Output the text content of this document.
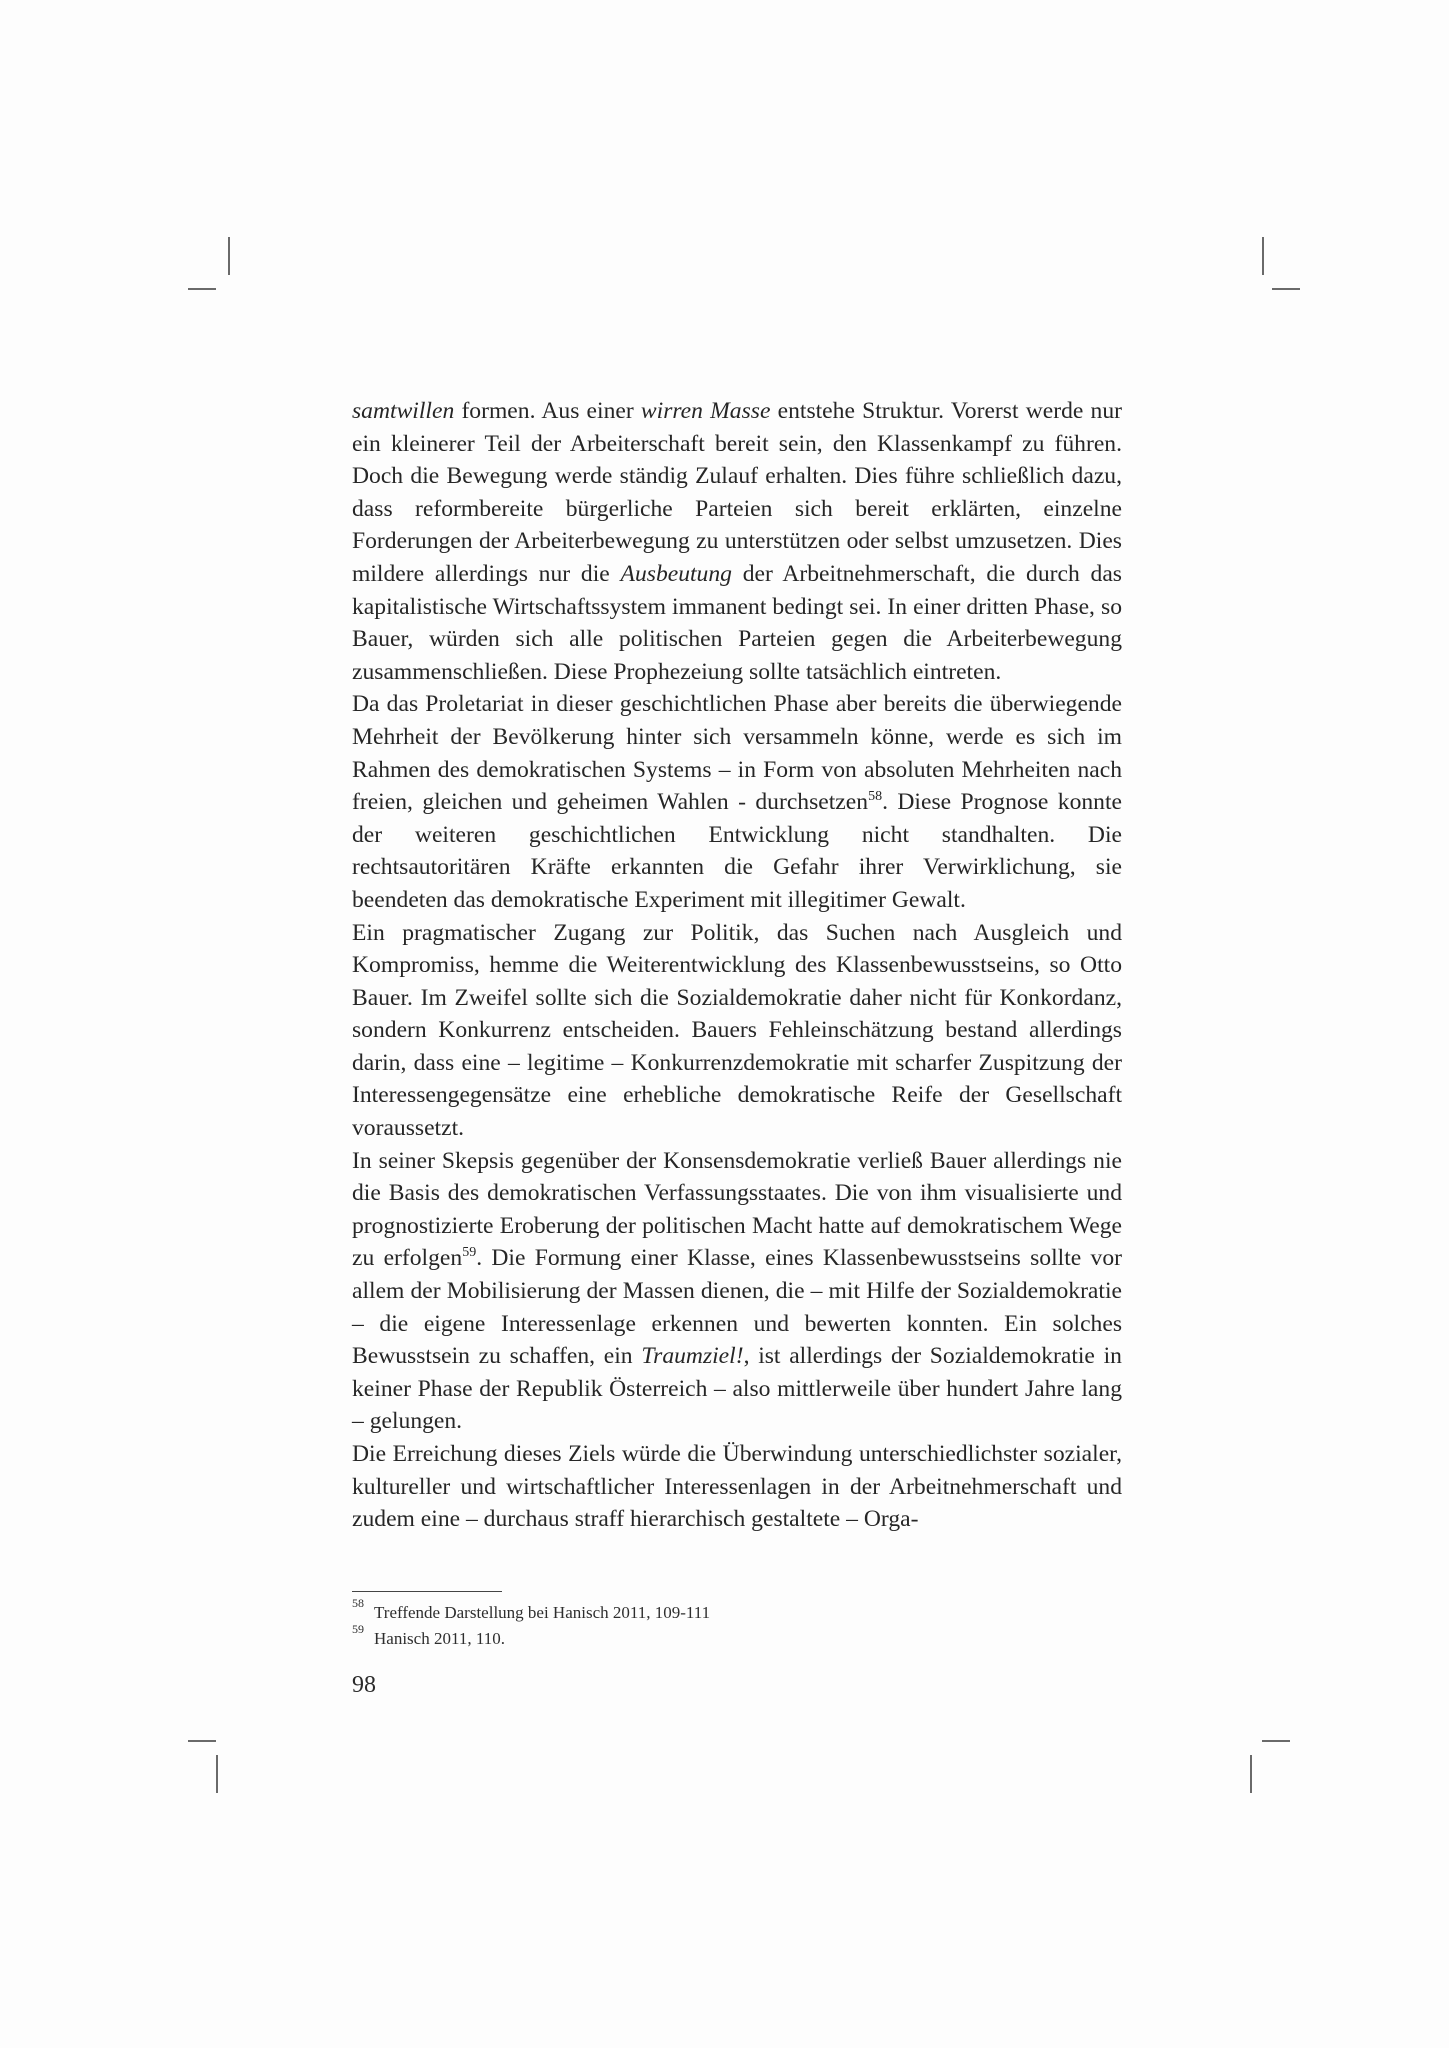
samtwillen formen. Aus einer wirren Masse entstehe Struktur. Vorerst werde nur ein kleinerer Teil der Arbeiterschaft bereit sein, den Klassenkampf zu führen. Doch die Bewegung werde ständig Zulauf erhalten. Dies führe schließlich dazu, dass reformbereite bürgerliche Parteien sich bereit erklärten, einzelne Forderungen der Arbeiterbewegung zu unterstützen oder selbst umzusetzen. Dies mildere allerdings nur die Ausbeutung der Arbeitnehmerschaft, die durch das kapitalistische Wirtschaftssystem immanent bedingt sei. In einer dritten Phase, so Bauer, würden sich alle politischen Parteien gegen die Arbeiterbewegung zusammenschließen. Diese Prophezeiung sollte tatsächlich eintreten.

Da das Proletariat in dieser geschichtlichen Phase aber bereits die überwiegende Mehrheit der Bevölkerung hinter sich versammeln könne, werde es sich im Rahmen des demokratischen Systems – in Form von absoluten Mehrheiten nach freien, gleichen und geheimen Wahlen - durchsetzen$^{58}$. Diese Prognose konnte der weiteren geschichtlichen Entwicklung nicht standhalten. Die rechtsautoritären Kräfte erkannten die Gefahr ihrer Verwirklichung, sie beendeten das demokratische Experiment mit illegitimer Gewalt.

Ein pragmatischer Zugang zur Politik, das Suchen nach Ausgleich und Kompromiss, hemme die Weiterentwicklung des Klassenbewusstseins, so Otto Bauer. Im Zweifel sollte sich die Sozialdemokratie daher nicht für Konkordanz, sondern Konkurrenz entscheiden. Bauers Fehleinschätzung bestand allerdings darin, dass eine – legitime – Konkurrenzdemokratie mit scharfer Zuspitzung der Interessengegensätze eine erhebliche demokratische Reife der Gesellschaft voraussetzt.

In seiner Skepsis gegenüber der Konsensdemokratie verließ Bauer allerdings nie die Basis des demokratischen Verfassungsstaates. Die von ihm visualisierte und prognostizierte Eroberung der politischen Macht hatte auf demokratischem Wege zu erfolgen$^{59}$. Die Formung einer Klasse, eines Klassenbewusstseins sollte vor allem der Mobilisierung der Massen dienen, die – mit Hilfe der Sozialdemokratie – die eigene Interessenlage erkennen und bewerten konnten. Ein solches Bewusstsein zu schaffen, ein Traumziel!, ist allerdings der Sozialdemokratie in keiner Phase der Republik Österreich – also mittlerweile über hundert Jahre lang – gelungen.

Die Erreichung dieses Ziels würde die Überwindung unterschiedlichster sozialer, kultureller und wirtschaftlicher Interessenlagen in der Arbeitnehmerschaft und zudem eine – durchaus straff hierarchisch gestaltete – Orga-

58 Treffende Darstellung bei Hanisch 2011, 109-111
59 Hanisch 2011, 110.
98
